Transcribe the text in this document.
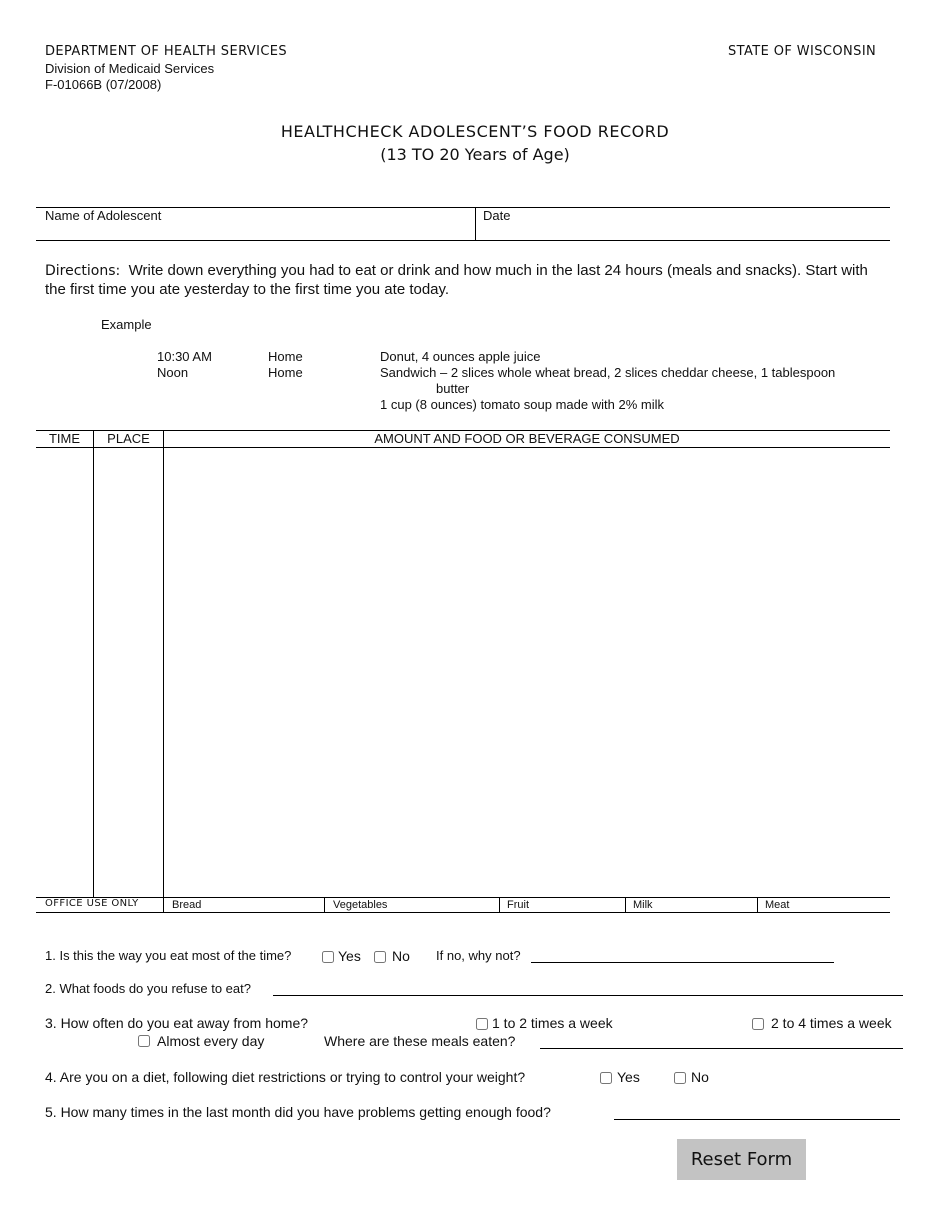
DEPARTMENT OF HEALTH SERVICES
Division of Medicaid Services
F-01066B (07/2008)
STATE OF WISCONSIN
HEALTHCHECK ADOLESCENT’S FOOD RECORD
(13 TO 20 Years of Age)
Name of Adolescent	Date
Directions: Write down everything you had to eat or drink and how much in the last 24 hours (meals and snacks). Start with
the first time you ate yesterday to the first time you ate today.
Example
10:30 AM	Home	Donut, 4 ounces apple juice
Noon	Home	Sandwich – 2 slices whole wheat bread, 2 slices cheddar cheese, 1 tablespoon
butter
1 cup (8 ounces) tomato soup made with 2% milk
TIME	PLACE	AMOUNT AND FOOD OR BEVERAGE CONSUMED
OFFICE USE ONLY	Bread	Vegetables	Fruit	Milk	Meat
1. Is this the way you eat most of the time?	Yes No If no, why not?
2. What foods do you refuse to eat?
3. How often do you eat away from home?	1 to 2 times a week	2 to 4 times a week
Almost every day	Where are these meals eaten?
4. Are you on a diet, following diet restrictions or trying to control your weight?	Yes	No
5. How many times in the last month did you have problems getting enough food?
Reset Form
